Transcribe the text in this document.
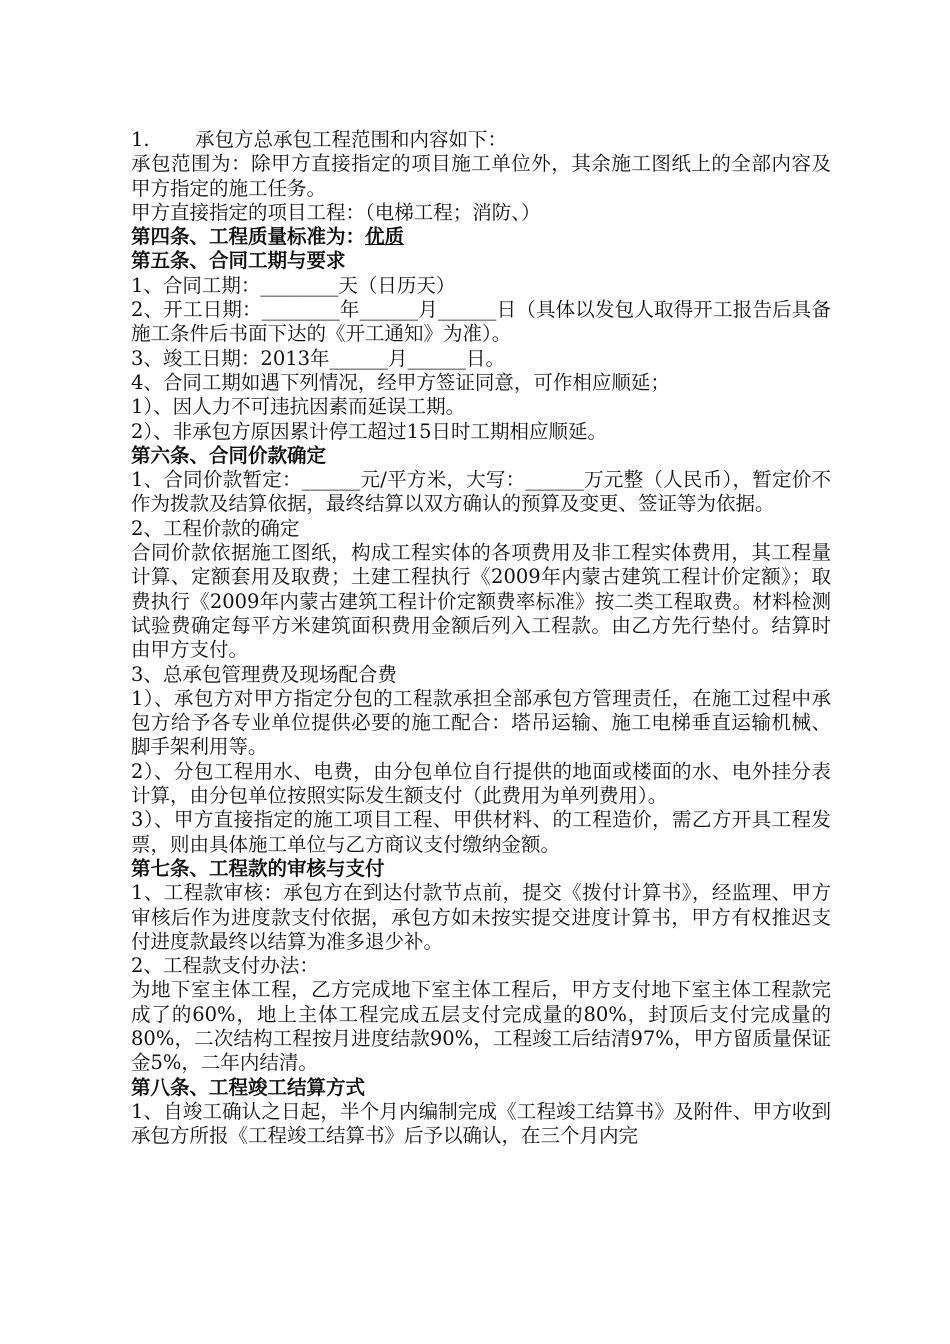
1. 承包方总承包工程范围和内容如下：

承包范围为：除甲方直接指定的项目施工单位外，其余施工图纸上的全部内容及甲方指定的施工任务。

甲方直接指定的项目工程：（电梯工程；消防、）

第四条、工程质量标准为：优质

第五条、合同工期与要求

1、合同工期：________天（日历天）

2、开工日期：________年______月______日（具体以发包人取得开工报告后具备施工条件后书面下达的《开工通知》为准）。

3、竣工日期：2013年______月______日。

4、合同工期如遇下列情况，经甲方签证同意，可作相应顺延；

1）、因人力不可违抗因素而延误工期。

2）、非承包方原因累计停工超过15日时工期相应顺延。

第六条、合同价款确定

1、合同价款暂定：______元/平方米，大写：______万元整（人民币），暂定价不作为拨款及结算依据，最终结算以双方确认的预算及变更、签证等为依据。

2、工程价款的确定

合同价款依据施工图纸，构成工程实体的各项费用及非工程实体费用，其工程量计算、定额套用及取费；土建工程执行《2009年内蒙古建筑工程计价定额》；取费执行《2009年内蒙古建筑工程计价定额费率标准》按二类工程取费。材料检测试验费确定每平方米建筑面积费用金额后列入工程款。由乙方先行垫付。结算时由甲方支付。

3、总承包管理费及现场配合费

1）、承包方对甲方指定分包的工程款承担全部承包方管理责任，在施工过程中承包方给予各专业单位提供必要的施工配合：塔吊运输、施工电梯垂直运输机械、脚手架利用等。

2）、分包工程用水、电费，由分包单位自行提供的地面或楼面的水、电外挂分表计算，由分包单位按照实际发生额支付（此费用为单列费用）。

3）、甲方直接指定的施工项目工程、甲供材料、的工程造价，需乙方开具工程发票，则由具体施工单位与乙方商议支付缴纳金额。

第七条、工程款的审核与支付

1、工程款审核：承包方在到达付款节点前，提交《拨付计算书》，经监理、甲方审核后作为进度款支付依据，承包方如未按实提交进度计算书，甲方有权推迟支付进度款最终以结算为准多退少补。

2、工程款支付办法：

为地下室主体工程，乙方完成地下室主体工程后，甲方支付地下室主体工程款完成了的60%，地上主体工程完成五层支付完成量的80%，封顶后支付完成量的80%，二次结构工程按月进度结款90%，工程竣工后结清97%，甲方留质量保证金5%，二年内结清。

第八条、工程竣工结算方式

1、自竣工确认之日起，半个月内编制完成《工程竣工结算书》及附件、甲方收到承包方所报《工程竣工结算书》后予以确认，在三个月内完
